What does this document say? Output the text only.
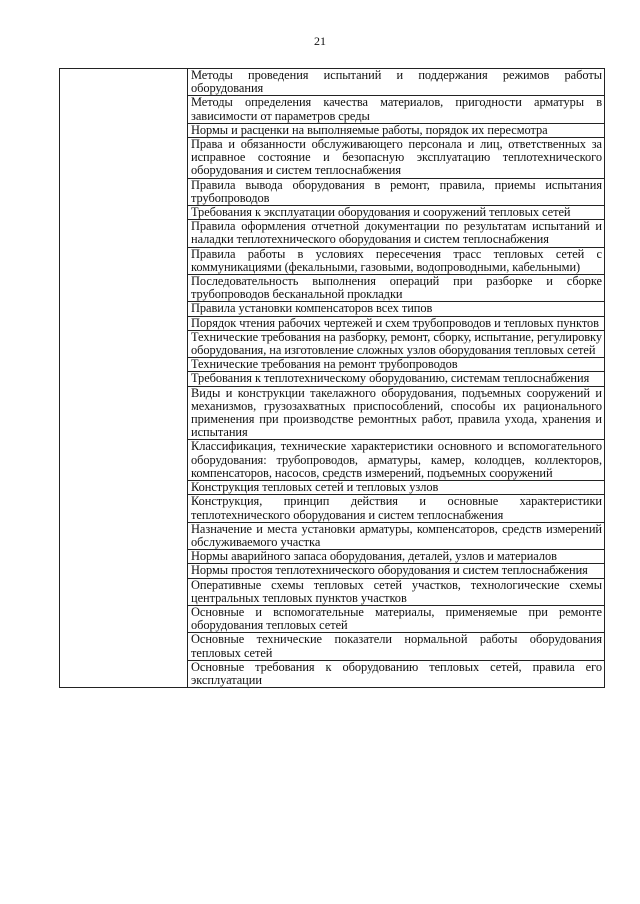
21

Методы проведения испытаний и поддержания режимов работы оборудования

Методы определения качества материалов, пригодности арматуры в зависимости от параметров среды

Нормы и расценки на выполняемые работы, порядок их пересмотра

Права и обязанности обслуживающего персонала и лиц, ответственных за исправное состояние и безопасную эксплуатацию теплотехнического оборудования и систем теплоснабжения

Правила вывода оборудования в ремонт, правила, приемы испытания трубопроводов

Требования к эксплуатации оборудования и сооружений тепловых сетей

Правила оформления отчетной документации по результатам испытаний и наладки теплотехнического оборудования и систем теплоснабжения

Правила работы в условиях пересечения трасс тепловых сетей с коммуникациями (фекальными, газовыми, водопроводными, кабельными)

Последовательность выполнения операций при разборке и сборке трубопроводов бесканальной прокладки

Правила установки компенсаторов всех типов

Порядок чтения рабочих чертежей и схем трубопроводов и тепловых пунктов

Технические требования на разборку, ремонт, сборку, испытание, регулировку оборудования, на изготовление сложных узлов оборудования тепловых сетей

Технические требования на ремонт трубопроводов

Требования к теплотехническому оборудованию, системам теплоснабжения

Виды и конструкции такелажного оборудования, подъемных сооружений и механизмов, грузозахватных приспособлений, способы их рационального применения при производстве ремонтных работ, правила ухода, хранения и испытания

Классификация, технические характеристики основного и вспомогательного оборудования: трубопроводов, арматуры, камер, колодцев, коллекторов, компенсаторов, насосов, средств измерений, подъемных сооружений

Конструкция тепловых сетей и тепловых узлов

Конструкция, принцип действия и основные характеристики теплотехнического оборудования и систем теплоснабжения

Назначение и места установки арматуры, компенсаторов, средств измерений обслуживаемого участка

Нормы аварийного запаса оборудования, деталей, узлов и материалов

Нормы простоя теплотехнического оборудования и систем теплоснабжения

Оперативные схемы тепловых сетей участков, технологические схемы центральных тепловых пунктов участков

Основные и вспомогательные материалы, применяемые при ремонте оборудования тепловых сетей

Основные технические показатели нормальной работы оборудования тепловых сетей

Основные требования к оборудованию тепловых сетей, правила его эксплуатации
